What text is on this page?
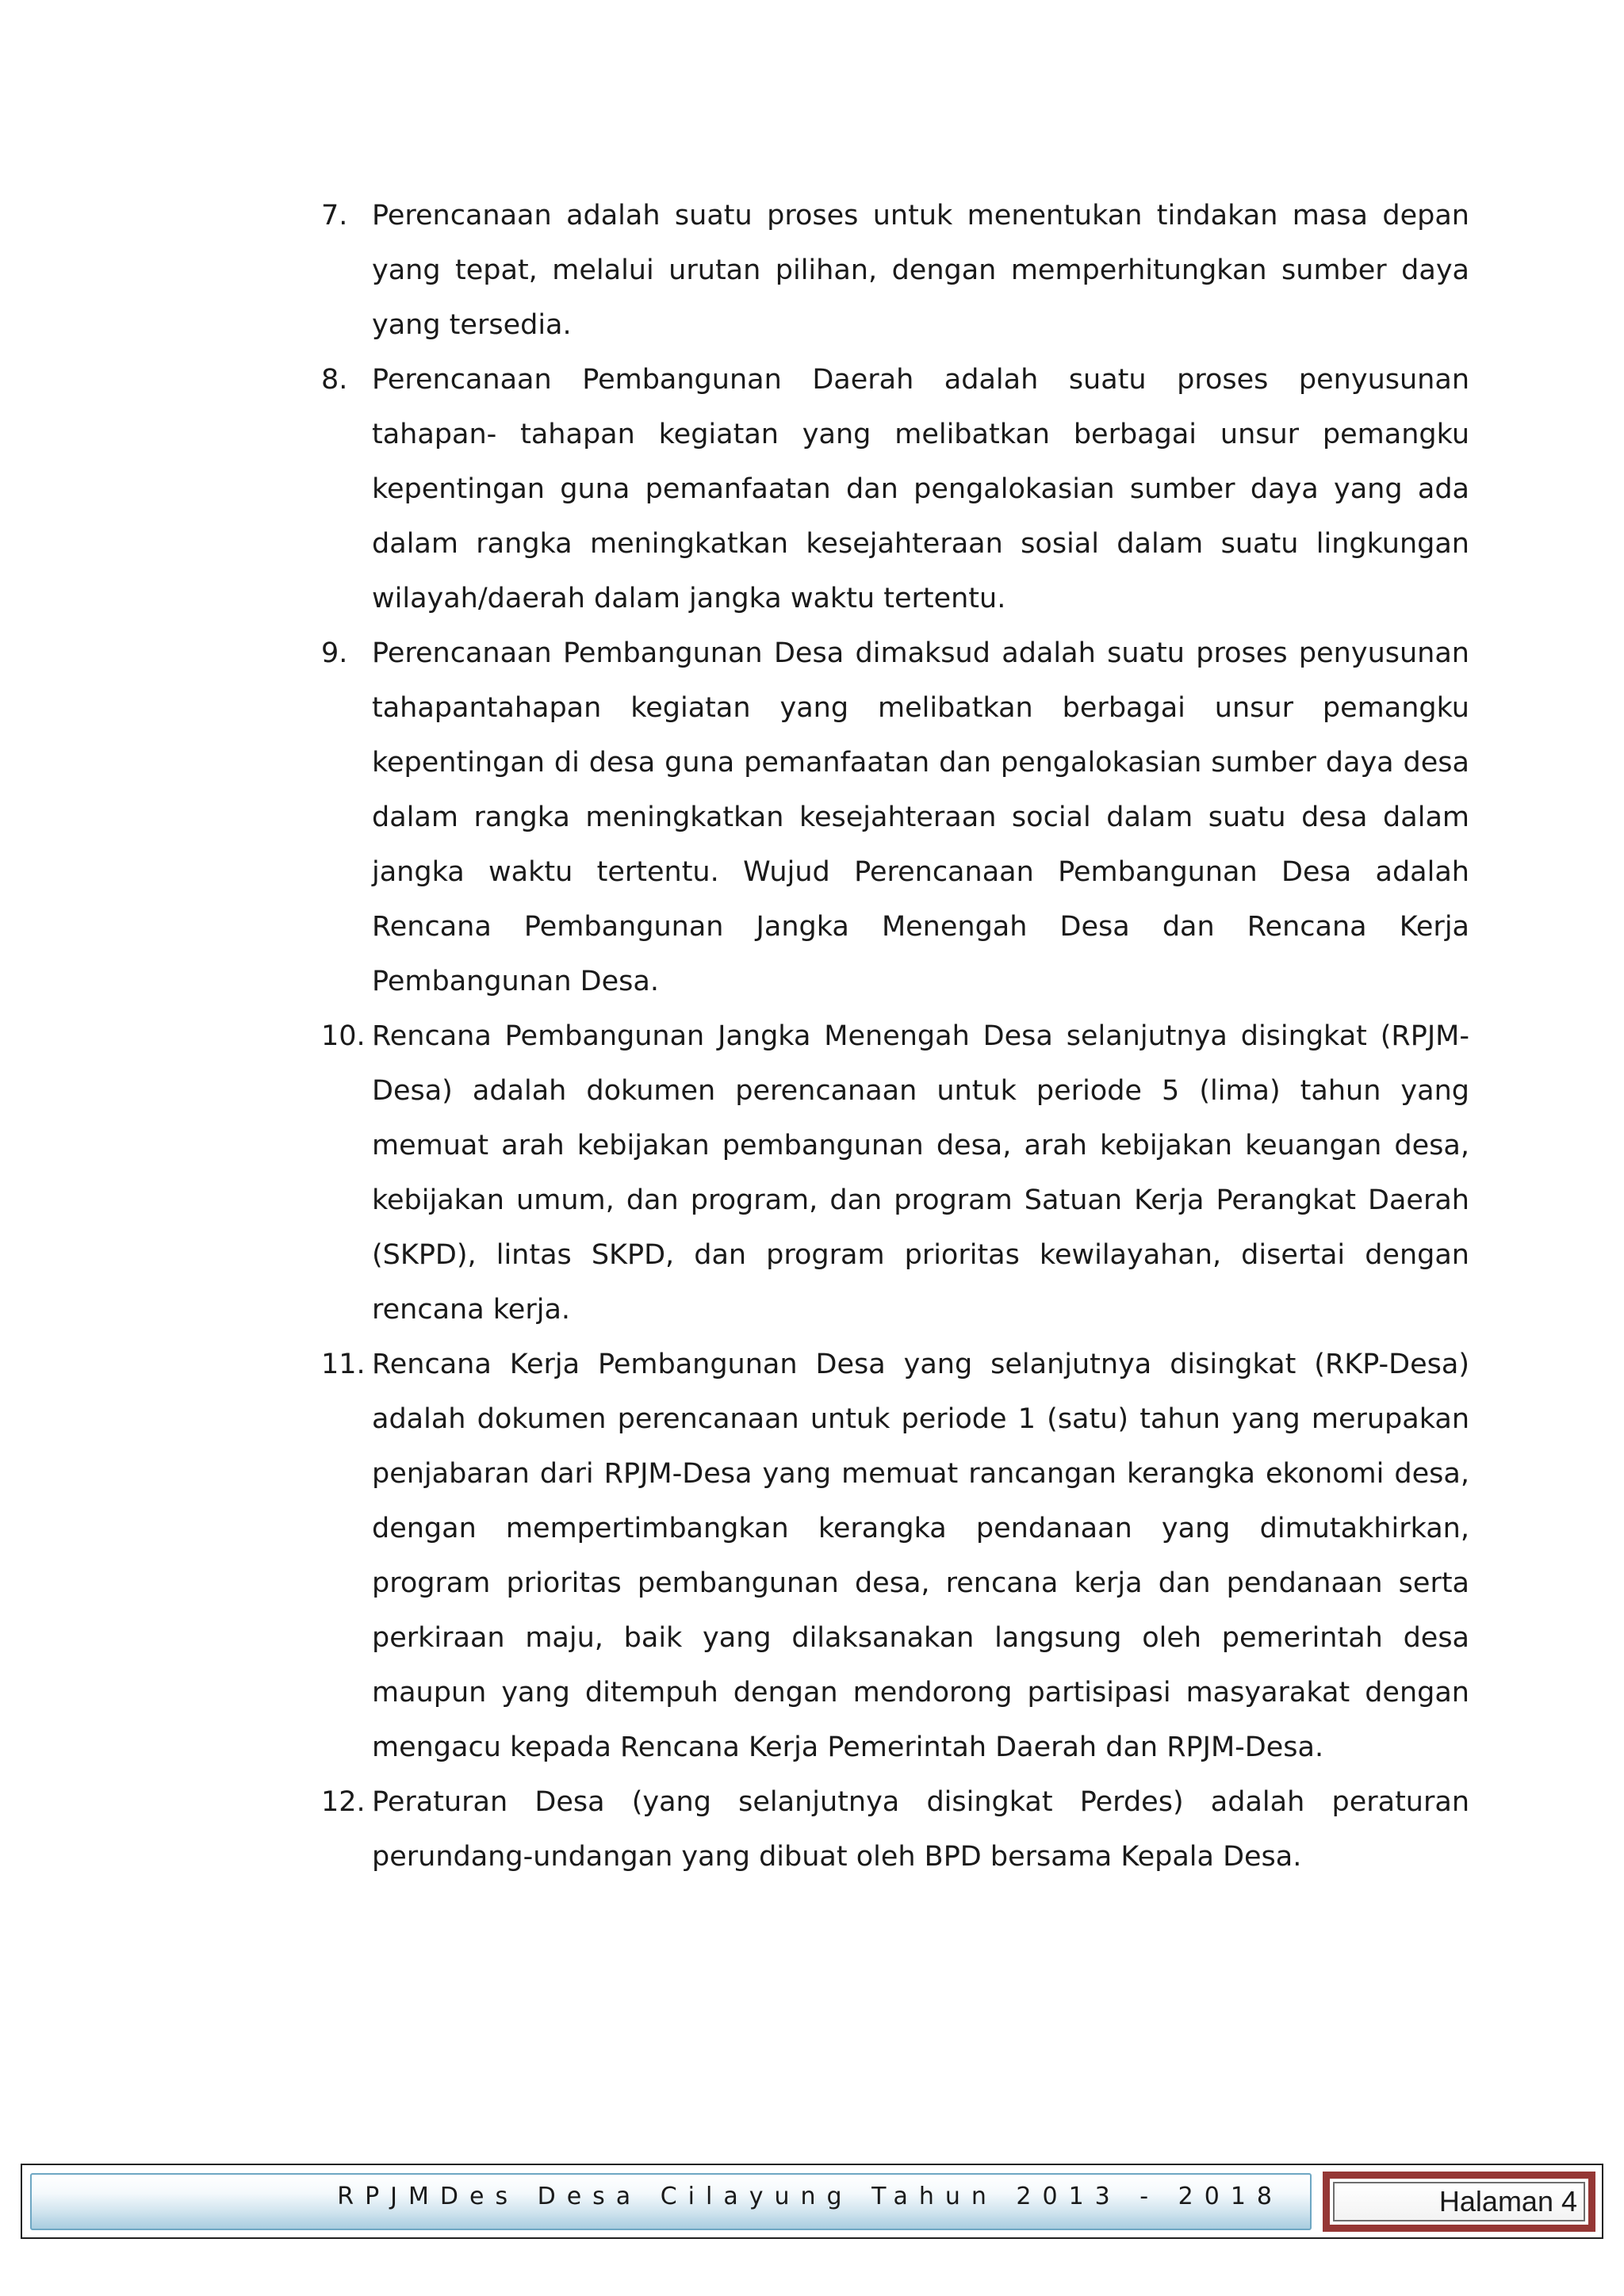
7. Perencanaan adalah suatu proses untuk menentukan tindakan masa depan yang tepat, melalui urutan pilihan, dengan memperhitungkan sumber daya yang tersedia.

8. Perencanaan Pembangunan Daerah adalah suatu proses penyusunan tahapan- tahapan kegiatan yang melibatkan berbagai unsur pemangku kepentingan guna pemanfaatan dan pengalokasian sumber daya yang ada dalam rangka meningkatkan kesejahteraan sosial dalam suatu lingkungan wilayah/daerah dalam jangka waktu tertentu.

9. Perencanaan Pembangunan Desa dimaksud adalah suatu proses penyusunan tahapantahapan kegiatan yang melibatkan berbagai unsur pemangku kepentingan di desa guna pemanfaatan dan pengalokasian sumber daya desa dalam rangka meningkatkan kesejahteraan social dalam suatu desa dalam jangka waktu tertentu. Wujud Perencanaan Pembangunan Desa adalah Rencana Pembangunan Jangka Menengah Desa dan Rencana Kerja Pembangunan Desa.

10. Rencana Pembangunan Jangka Menengah Desa selanjutnya disingkat (RPJM-Desa) adalah dokumen perencanaan untuk periode 5 (lima) tahun yang memuat arah kebijakan pembangunan desa, arah kebijakan keuangan desa, kebijakan umum, dan program, dan program Satuan Kerja Perangkat Daerah (SKPD), lintas SKPD, dan program prioritas kewilayahan, disertai dengan rencana kerja.

11. Rencana Kerja Pembangunan Desa yang selanjutnya disingkat (RKP-Desa) adalah dokumen perencanaan untuk periode 1 (satu) tahun yang merupakan penjabaran dari RPJM-Desa yang memuat rancangan kerangka ekonomi desa, dengan mempertimbangkan kerangka pendanaan yang dimutakhirkan, program prioritas pembangunan desa, rencana kerja dan pendanaan serta perkiraan maju, baik yang dilaksanakan langsung oleh pemerintah desa maupun yang ditempuh dengan mendorong partisipasi masyarakat dengan mengacu kepada Rencana Kerja Pemerintah Daerah dan RPJM-Desa.

12. Peraturan Desa (yang selanjutnya disingkat Perdes) adalah peraturan perundang-undangan yang dibuat oleh BPD bersama Kepala Desa.

RPJMDes Desa Cilayung Tahun 2013 - 2018	Halaman 4
